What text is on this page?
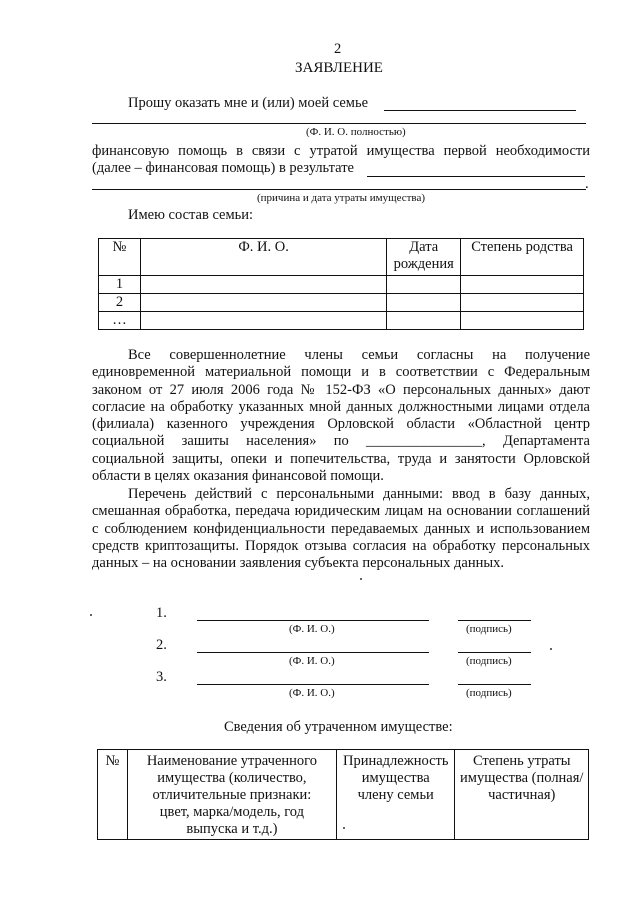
2
ЗАЯВЛЕНИЕ
Прошу оказать мне и (или) моей семье
(Ф. И. О. полностью)
финансовую помощь в связи с утратой имущества первой необходимости
(далее – финансовая помощь) в результате
.
(причина и дата утраты имущества)
Имею состав семьи:
№	Ф. И. О.	Дата рождения	Степень родства
1			
2			
…			
Все совершеннолетние члены семьи согласны на получение единовременной материальной помощи и в соответствии с Федеральным законом от 27 июля 2006 года № 152-ФЗ «О персональных данных» дают согласие на обработку указанных мной данных должностными лицами отдела (филиала) казенного учреждения Орловской области «Областной центр социальной зашиты населения» по ________________, Департамента социальной защиты, опеки и попечительства, труда и занятости Орловской области в целях оказания финансовой помощи.
Перечень действий с персональными данными: ввод в базу данных, смешанная обработка, передача юридическим лицам на основании соглашений с соблюдением конфиденциальности передаваемых данных и использованием средств криптозащиты. Порядок отзыва согласия на обработку персональных данных – на основании заявления субъекта персональных данных.
1.
(Ф. И. О.)	(подпись)
2.
(Ф. И. О.)	(подпись)
3.
(Ф. И. О.)	(подпись)
Сведения об утраченном имуществе:
№	Наименование утраченного имущества (количество, отличительные признаки: цвет, марка/модель, год выпуска и т.д.)	Принадлежность имущества члену семьи	Степень утраты имущества (полная/частичная)
